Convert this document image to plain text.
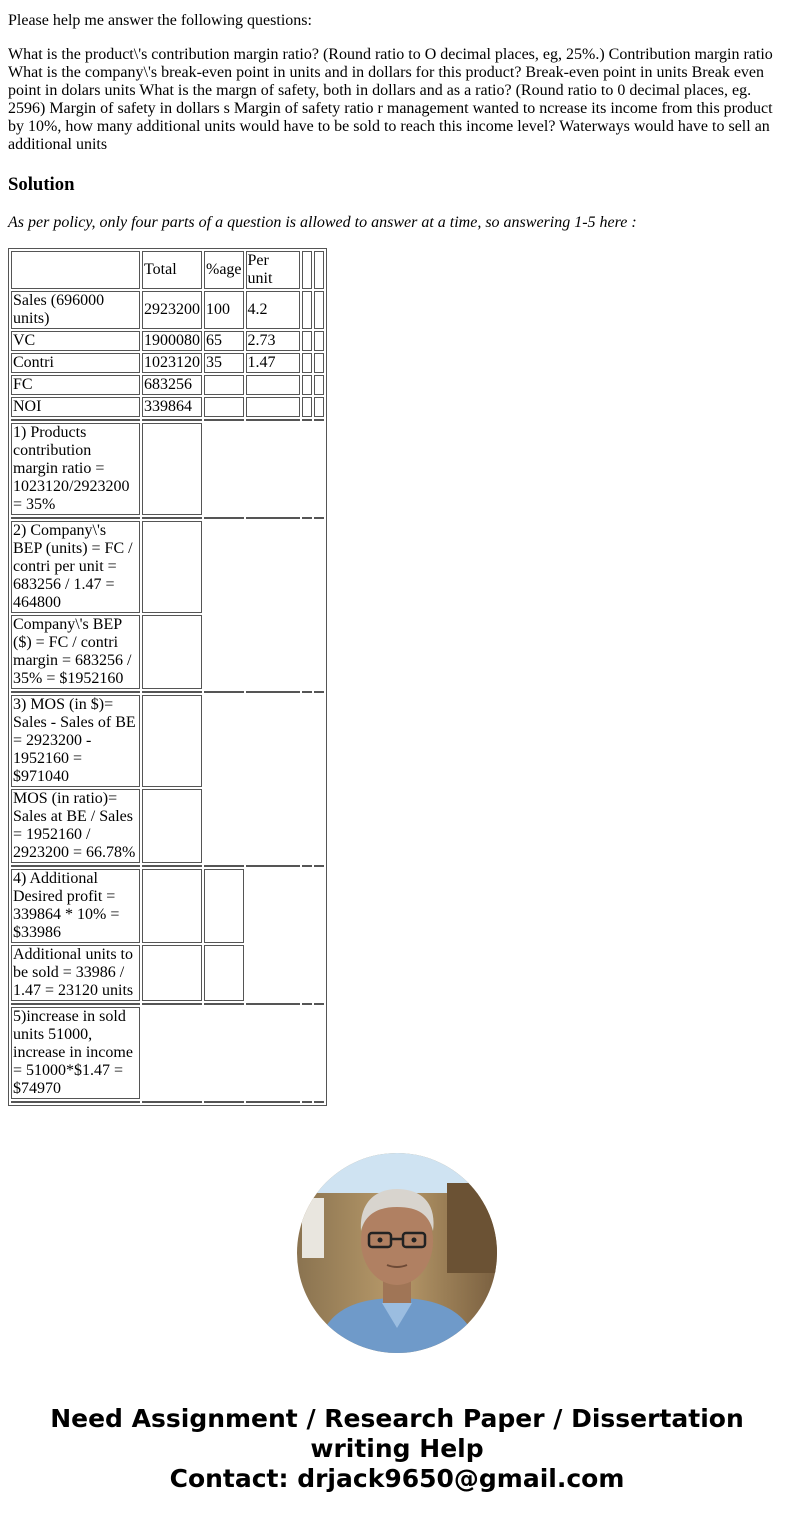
Please help me answer the following questions:

What is the product\'s contribution margin ratio? (Round ratio to O decimal places, eg, 25%.) Contribution margin ratio What is the company\'s break-even point in units and in dollars for this product? Break-even point in units Break even point in dolars units What is the margn of safety, both in dollars and as a ratio? (Round ratio to 0 decimal places, eg. 2596) Margin of safety in dollars s Margin of safety ratio r management wanted to ncrease its income from this product by 10%, how many additional units would have to be sold to reach this income level? Waterways would have to sell an additional units

Solution

As per policy, only four parts of a question is allowed to answer at a time, so answering 1-5 here :

	Total	%age	Per unit		
Sales (696000 units)	2923200	100	4.2		
VC	1900080	65	2.73		
Contri	1023120	35	1.47		
FC	683256				
NOI	339864				

1) Products contribution margin ratio = 1023120/2923200 = 35%					

2) Company\'s BEP (units) = FC / contri per unit = 683256 / 1.47 = 464800					
Company\'s BEP ($) = FC / contri margin = 683256 / 35% = $1952160					

3) MOS (in $)= Sales - Sales of BE = 2923200 - 1952160 = $971040					
MOS (in ratio)= Sales at BE / Sales = 1952160 / 2923200 = 66.78%					

4) Additional Desired profit = 339864 * 10% = $33986					
Additional units to be sold = 33986 / 1.47 = 23120 units					

5)increase in sold units 51000, increase in income = 51000*$1.47 = $74970					

Need Assignment / Research Paper / Dissertation
writing Help
Contact: drjack9650@gmail.com
